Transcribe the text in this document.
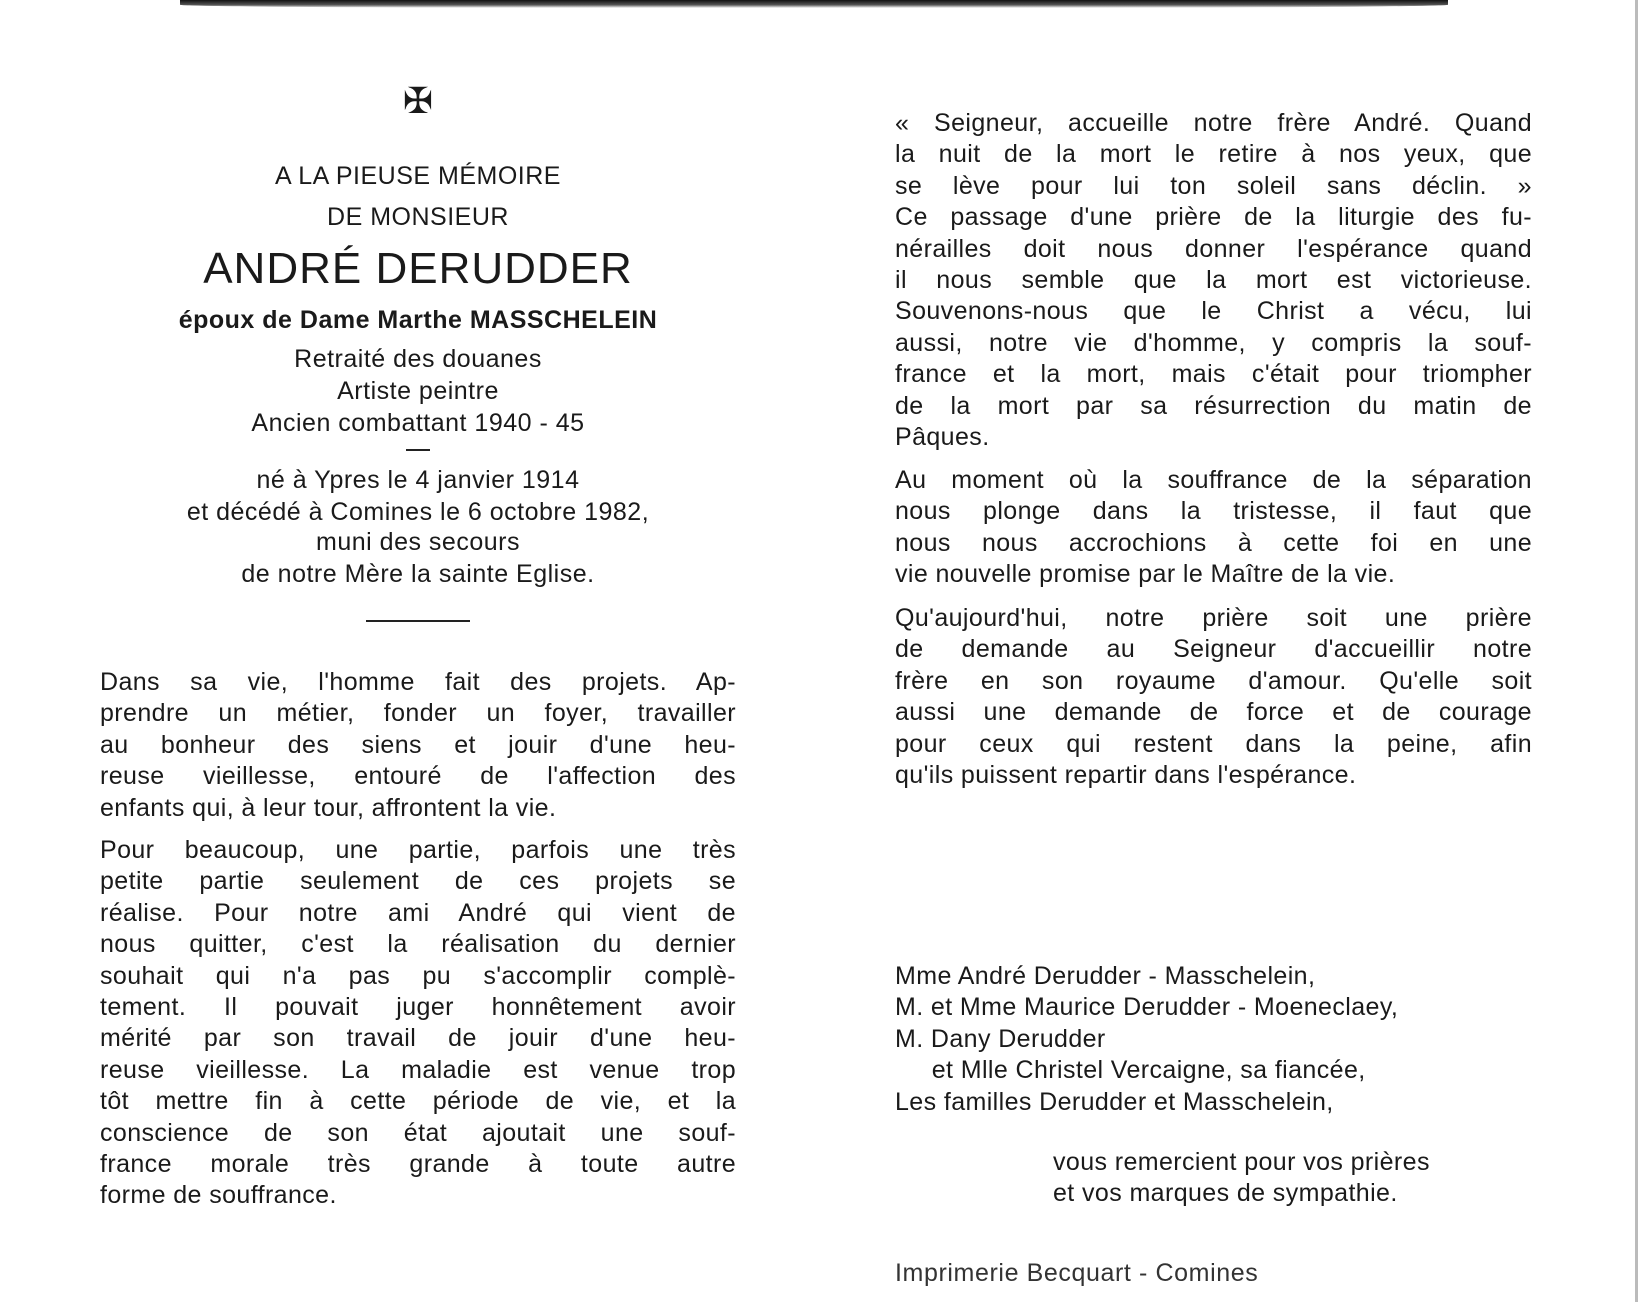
✠
A LA PIEUSE MÉMOIRE
DE MONSIEUR
ANDRÉ DERUDDER
époux de Dame Marthe MASSCHELEIN
Retraité des douanes
Artiste peintre
Ancien combattant 1940 - 45
né à Ypres le 4 janvier 1914
et décédé à Comines le 6 octobre 1982,
muni des secours
de notre Mère la sainte Eglise.
Dans sa vie, l'homme fait des projets. Ap-
prendre un métier, fonder un foyer, travailler
au bonheur des siens et jouir d'une heu-
reuse vieillesse, entouré de l'affection des
enfants qui, à leur tour, affrontent la vie.
Pour beaucoup, une partie, parfois une très
petite partie seulement de ces projets se
réalise. Pour notre ami André qui vient de
nous quitter, c'est la réalisation du dernier
souhait qui n'a pas pu s'accomplir complè-
tement. Il pouvait juger honnêtement avoir
mérité par son travail de jouir d'une heu-
reuse vieillesse. La maladie est venue trop
tôt mettre fin à cette période de vie, et la
conscience de son état ajoutait une souf-
france morale très grande à toute autre
forme de souffrance.
« Seigneur, accueille notre frère André. Quand
la nuit de la mort le retire à nos yeux, que
se lève pour lui ton soleil sans déclin. »
Ce passage d'une prière de la liturgie des fu-
nérailles doit nous donner l'espérance quand
il nous semble que la mort est victorieuse.
Souvenons-nous que le Christ a vécu, lui
aussi, notre vie d'homme, y compris la souf-
france et la mort, mais c'était pour triompher
de la mort par sa résurrection du matin de
Pâques.
Au moment où la souffrance de la séparation
nous plonge dans la tristesse, il faut que
nous nous accrochions à cette foi en une
vie nouvelle promise par le Maître de la vie.
Qu'aujourd'hui, notre prière soit une prière
de demande au Seigneur d'accueillir notre
frère en son royaume d'amour. Qu'elle soit
aussi une demande de force et de courage
pour ceux qui restent dans la peine, afin
qu'ils puissent repartir dans l'espérance.
Mme André Derudder - Masschelein,
M. et Mme Maurice Derudder - Moeneclaey,
M. Dany Derudder
et Mlle Christel Vercaigne, sa fiancée,
Les familles Derudder et Masschelein,
vous remercient pour vos prières
et vos marques de sympathie.
Imprimerie Becquart - Comines
